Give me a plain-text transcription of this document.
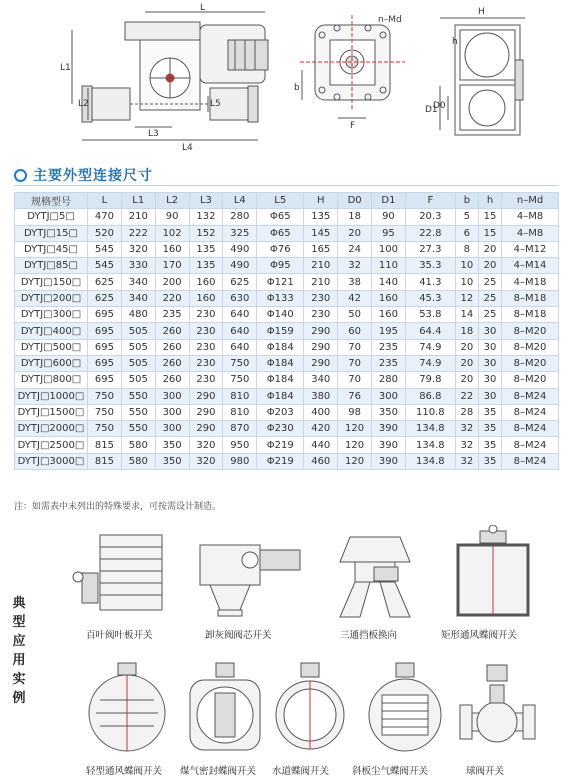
L
L1
L2
L3
L4
L5
n–Md
b
F
H
h
D1
D0
主要外型连接尺寸
规格型号	L	L1	L2	L3	L4	L5	H	D0	D1	F	b	h	n–Md
DYTJ□5□	470	210	90	132	280	Φ65	135	18	90	20.3	5	15	4–M8
DYTJ□15□	520	222	102	152	325	Φ65	145	20	95	22.8	6	15	4–M8
DYTJ□45□	545	320	160	135	490	Φ76	165	24	100	27.3	8	20	4–M12
DYTJ□85□	545	330	170	135	490	Φ95	210	32	110	35.3	10	20	4–M14
DYTJ□150□	625	340	200	160	625	Φ121	210	38	140	41.3	10	25	4–M18
DYTJ□200□	625	340	220	160	630	Φ133	230	42	160	45.3	12	25	8–M18
DYTJ□300□	695	480	235	230	640	Φ140	230	50	160	53.8	14	25	8–M18
DYTJ□400□	695	505	260	230	640	Φ159	290	60	195	64.4	18	30	8–M20
DYTJ□500□	695	505	260	230	640	Φ184	290	70	235	74.9	20	30	8–M20
DYTJ□600□	695	505	260	230	750	Φ184	290	70	235	74.9	20	30	8–M20
DYTJ□800□	695	505	260	230	750	Φ184	340	70	280	79.8	20	30	8–M20
DYTJ□1000□	750	550	300	290	810	Φ184	380	76	300	86.8	22	30	8–M24
DYTJ□1500□	750	550	300	290	810	Φ203	400	98	350	110.8	28	35	8–M24
DYTJ□2000□	750	550	300	290	870	Φ230	420	120	390	134.8	32	35	8–M24
DYTJ□2500□	815	580	350	320	950	Φ219	440	120	390	134.8	32	35	8–M24
DYTJ□3000□	815	580	350	320	980	Φ219	460	120	390	134.8	32	35	8–M24
注：如需表中未列出的特殊要求，可按需设计制造。
典型应用实例
百叶阀叶板开关	卸灰阀阀芯开关	三通挡板换向	矩形通风蝶阀开关
轻型通风蝶阀开关 煤气密封蝶阀开关 水道蝶阀开关 斜板尘气蝶阀开关	球阀开关
